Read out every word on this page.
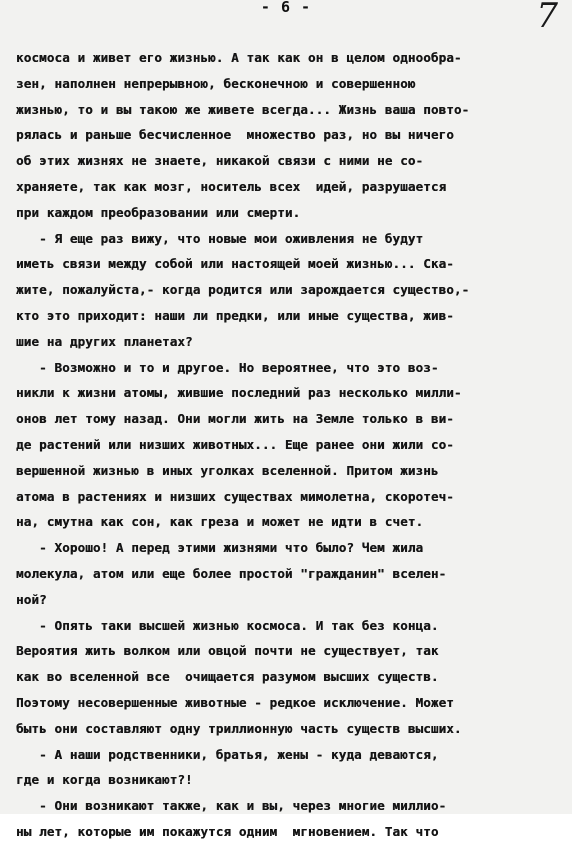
- 6 -	7
космоса и живет его жизнью. А так как он в целом однообра-
зен, наполнен непрерывною, бесконечною и совершенною
жизнью, то и вы такою же живете всегда... Жизнь ваша повто-
рялась и раньше бесчисленное  множество раз, но вы ничего
об этих жизнях не знаете, никакой связи с ними не со-
храняете, так как мозг, носитель всех  идей, разрушается
при каждом преобразовании или смерти.
- Я еще раз вижу, что новые мои оживления не будут
иметь связи между собой или настоящей моей жизнью... Ска-
жите, пожалуйста,- когда родится или зарождается существо,-
кто это приходит: наши ли предки, или иные существа, жив-
шие на других планетах?
- Возможно и то и другое. Но вероятнее, что это воз-
никли к жизни атомы, жившие последний раз несколько милли-
онов лет тому назад. Они могли жить на Земле только в ви-
де растений или низших животных... Еще ранее они жили со-
вершенной жизнью в иных уголках вселенной. Притом жизнь
атома в растениях и низших существах мимолетна, скоротеч-
на, смутна как сон, как греза и может не идти в счет.
- Хорошо! А перед этими жизнями что было? Чем жила
молекула, атом или еще более простой "гражданин" вселен-
ной?
- Опять таки высшей жизнью космоса. И так без конца.
Вероятия жить волком или овцой почти не существует, так
как во вселенной все  очищается разумом высших существ.
Поэтому несовершенные животные - редкое исключение. Может
быть они составляют одну триллионную часть существ высших.
- А наши родственники, братья, жены - куда деваются,
где и когда возникают?!
- Они возникают также, как и вы, через многие миллио-
ны лет, которые им покажутся одним  мгновением. Так что
